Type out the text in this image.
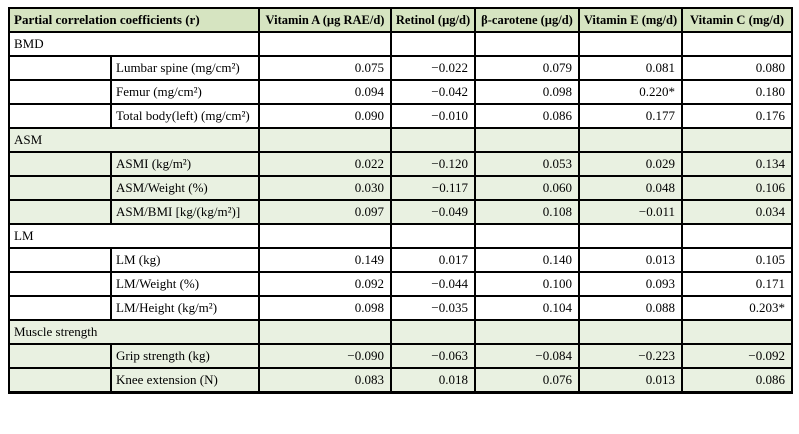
Partial correlation coefficients (r)		Vitamin A (µg RAE/d)	Retinol (µg/d)	β-carotene (µg/d)	Vitamin E (mg/d)	Vitamin C (mg/d)
BMD						
	Lumbar spine (mg/cm²)	0.075	−0.022	0.079	0.081	0.080
	Femur (mg/cm²)	0.094	−0.042	0.098	0.220*	0.180
	Total body(left) (mg/cm²)	0.090	−0.010	0.086	0.177	0.176
ASM						
	ASMI (kg/m²)	0.022	−0.120	0.053	0.029	0.134
	ASM/Weight (%)	0.030	−0.117	0.060	0.048	0.106
	ASM/BMI [kg/(kg/m²)]	0.097	−0.049	0.108	−0.011	0.034
LM						
	LM (kg)	0.149	0.017	0.140	0.013	0.105
	LM/Weight (%)	0.092	−0.044	0.100	0.093	0.171
	LM/Height (kg/m²)	0.098	−0.035	0.104	0.088	0.203*
Muscle strength						
	Grip strength (kg)	−0.090	−0.063	−0.084	−0.223	−0.092
	Knee extension (N)	0.083	0.018	0.076	0.013	0.086
